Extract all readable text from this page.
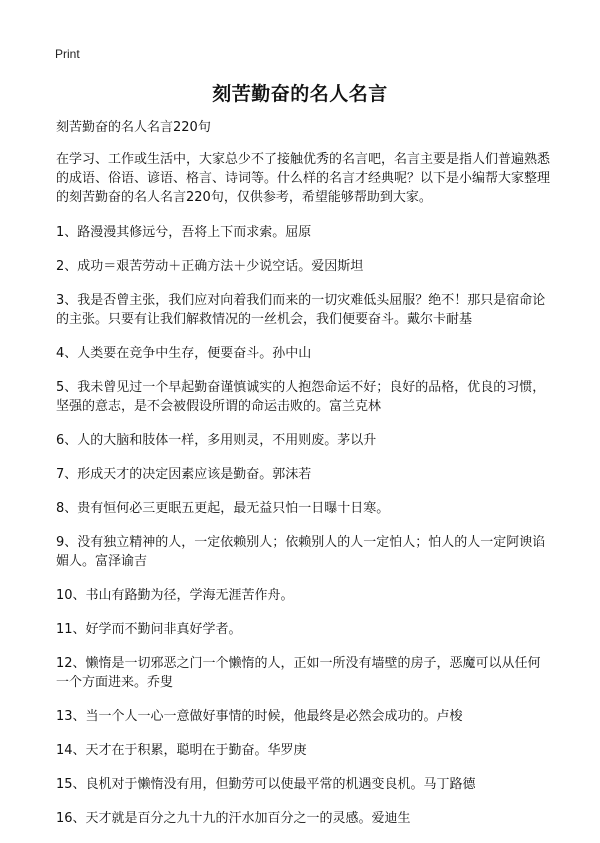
Print
刻苦勤奋的名人名言

刻苦勤奋的名人名言220句

在学习、工作或生活中，大家总少不了接触优秀的名言吧，名言主要是指人们普遍熟悉的成语、俗语、谚语、格言、诗词等。什么样的名言才经典呢？以下是小编帮大家整理的刻苦勤奋的名人名言220句，仅供参考，希望能够帮助到大家。

1、路漫漫其修远兮，吾将上下而求索。屈原

2、成功＝艰苦劳动＋正确方法＋少说空话。爱因斯坦

3、我是否曾主张，我们应对向着我们而来的一切灾难低头屈服？绝不！那只是宿命论的主张。只要有让我们解救情况的一丝机会，我们便要奋斗。戴尔卡耐基

4、人类要在竞争中生存，便要奋斗。孙中山

5、我未曾见过一个早起勤奋谨慎诚实的人抱怨命运不好；良好的品格，优良的习惯，坚强的意志，是不会被假设所谓的命运击败的。富兰克林

6、人的大脑和肢体一样，多用则灵，不用则废。茅以升

7、形成天才的决定因素应该是勤奋。郭沫若

8、贵有恒何必三更眠五更起，最无益只怕一日曝十日寒。

9、没有独立精神的人，一定依赖别人；依赖别人的人一定怕人；怕人的人一定阿谀谄媚人。富泽谕吉

10、书山有路勤为径，学海无涯苦作舟。

11、好学而不勤问非真好学者。

12、懒惰是一切邪恶之门一个懒惰的人，正如一所没有墙壁的房子，恶魔可以从任何一个方面进来。乔叟

13、当一个人一心一意做好事情的时候，他最终是必然会成功的。卢梭

14、天才在于积累，聪明在于勤奋。华罗庚

15、良机对于懒惰没有用，但勤劳可以使最平常的机遇变良机。马丁路德

16、天才就是百分之九十九的汗水加百分之一的灵感。爱迪生
